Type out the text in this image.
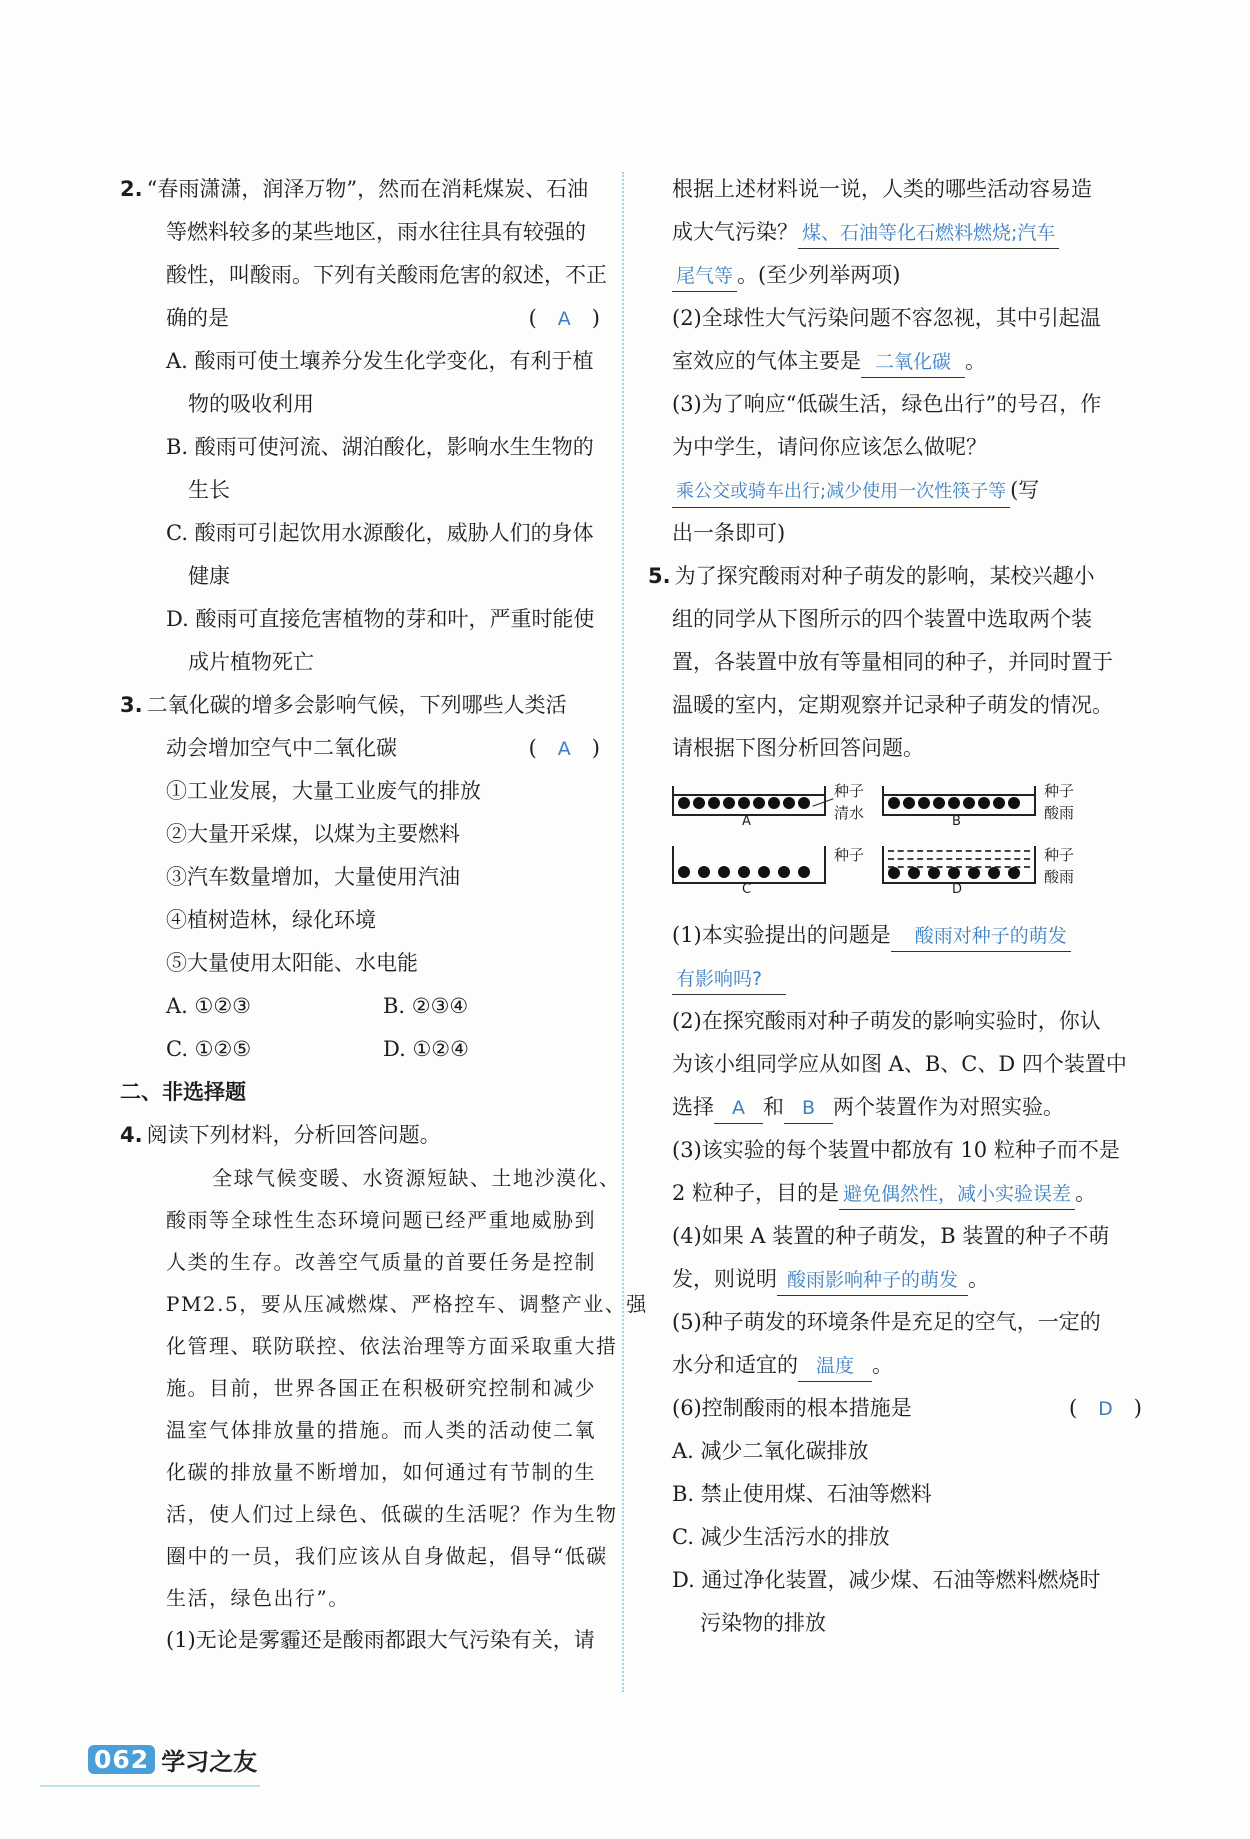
2. “春雨潇潇，润泽万物”，然而在消耗煤炭、石油
等燃料较多的某些地区，雨水往往具有较强的
酸性，叫酸雨。下列有关酸雨危害的叙述，不正
确的是	(　A　)
A. 酸雨可使土壤养分发生化学变化，有利于植
物的吸收利用
B. 酸雨可使河流、湖泊酸化，影响水生生物的
生长
C. 酸雨可引起饮用水源酸化，威胁人们的身体
健康
D. 酸雨可直接危害植物的芽和叶，严重时能使
成片植物死亡
3. 二氧化碳的增多会影响气候，下列哪些人类活
动会增加空气中二氧化碳	(　A　)
①工业发展，大量工业废气的排放
②大量开采煤，以煤为主要燃料
③汽车数量增加，大量使用汽油
④植树造林，绿化环境
⑤大量使用太阳能、水电能
A. ①②③	B. ②③④
C. ①②⑤	D. ①②④
二、非选择题
4. 阅读下列材料，分析回答问题。
全球气候变暖、水资源短缺、土地沙漠化、
酸雨等全球性生态环境问题已经严重地威胁到
人类的生存。改善空气质量的首要任务是控制
PM2.5，要从压减燃煤、严格控车、调整产业、强
化管理、联防联控、依法治理等方面采取重大措
施。目前，世界各国正在积极研究控制和减少
温室气体排放量的措施。而人类的活动使二氧
化碳的排放量不断增加，如何通过有节制的生
活，使人们过上绿色、低碳的生活呢？作为生物
圈中的一员，我们应该从自身做起，倡导“低碳
生活，绿色出行”。
(1)无论是雾霾还是酸雨都跟大气污染有关，请
根据上述材料说一说，人类的哪些活动容易造
成大气污染？ 煤、石油等化石燃料燃烧;汽车
尾气等 。(至少列举两项)
(2)全球性大气污染问题不容忽视，其中引起温
室效应的气体主要是 二氧化碳 。
(3)为了响应“低碳生活，绿色出行”的号召，作
为中学生，请问你应该怎么做呢？
乘公交或骑车出行;减少使用一次性筷子等 (写
出一条即可)
5. 为了探究酸雨对种子萌发的影响，某校兴趣小
组的同学从下图所示的四个装置中选取两个装
置，各装置中放有等量相同的种子，并同时置于
温暖的室内，定期观察并记录种子萌发的情况。
请根据下图分析回答问题。
A
种子
清水	B
种子
酸雨
C
种子
D
种子
酸雨
(1)本实验提出的问题是 酸雨对种子的萌发
有影响吗?
(2)在探究酸雨对种子萌发的影响实验时，你认
为该小组同学应从如图 A、B、C、D 四个装置中
选择 A 和 B 两个装置作为对照实验。
(3)该实验的每个装置中都放有 10 粒种子而不是
2 粒种子，目的是 避免偶然性，减小实验误差 。
(4)如果 A 装置的种子萌发，B 装置的种子不萌
发，则说明 酸雨影响种子的萌发 。
(5)种子萌发的环境条件是充足的空气，一定的
水分和适宜的 温度 。
(6)控制酸雨的根本措施是	(　D　)
A. 减少二氧化碳排放
B. 禁止使用煤、石油等燃料
C. 减少生活污水的排放
D. 通过净化装置，减少煤、石油等燃料燃烧时
污染物的排放
062 学习之友
